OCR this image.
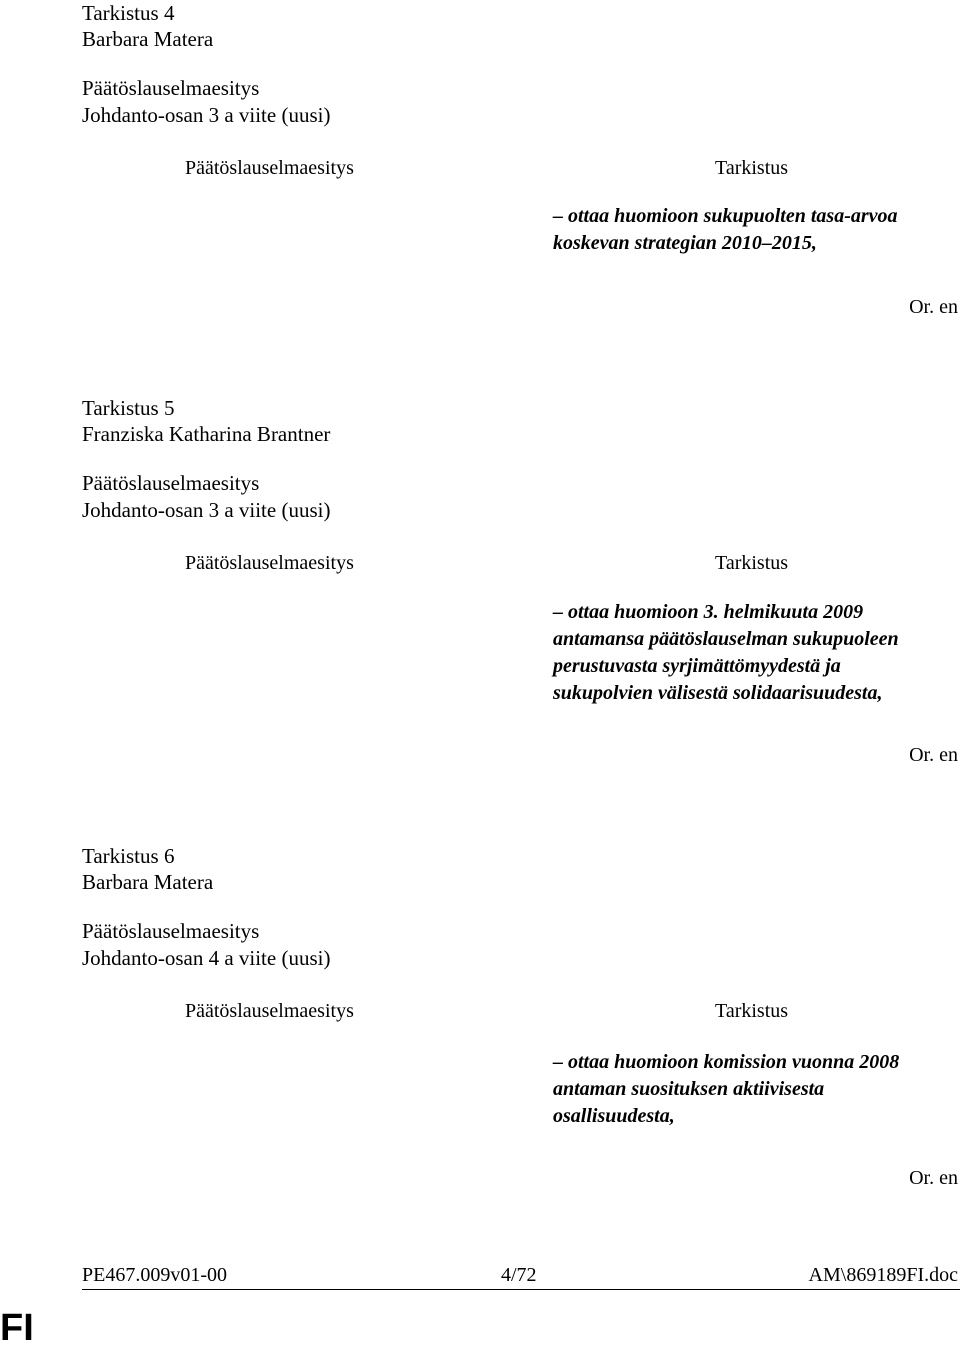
Tarkistus 4
Barbara Matera
Päätöslauselmaesitys
Johdanto-osan 3 a viite (uusi)
Päätöslauselmaesitys	Tarkistus
– ottaa huomioon sukupuolten tasa-arvoa
koskevan strategian 2010–2015,
Or. en
Tarkistus 5
Franziska Katharina Brantner
Päätöslauselmaesitys
Johdanto-osan 3 a viite (uusi)
Päätöslauselmaesitys	Tarkistus
– ottaa huomioon 3. helmikuuta 2009
antamansa päätöslauselman sukupuoleen
perustuvasta syrjimättömyydestä ja
sukupolvien välisestä solidaarisuudesta,
Or. en
Tarkistus 6
Barbara Matera
Päätöslauselmaesitys
Johdanto-osan 4 a viite (uusi)
Päätöslauselmaesitys	Tarkistus
– ottaa huomioon komission vuonna 2008
antaman suosituksen aktiivisesta
osallisuudesta,
Or. en
PE467.009v01-00	4/72	AM\869189FI.doc
FI
